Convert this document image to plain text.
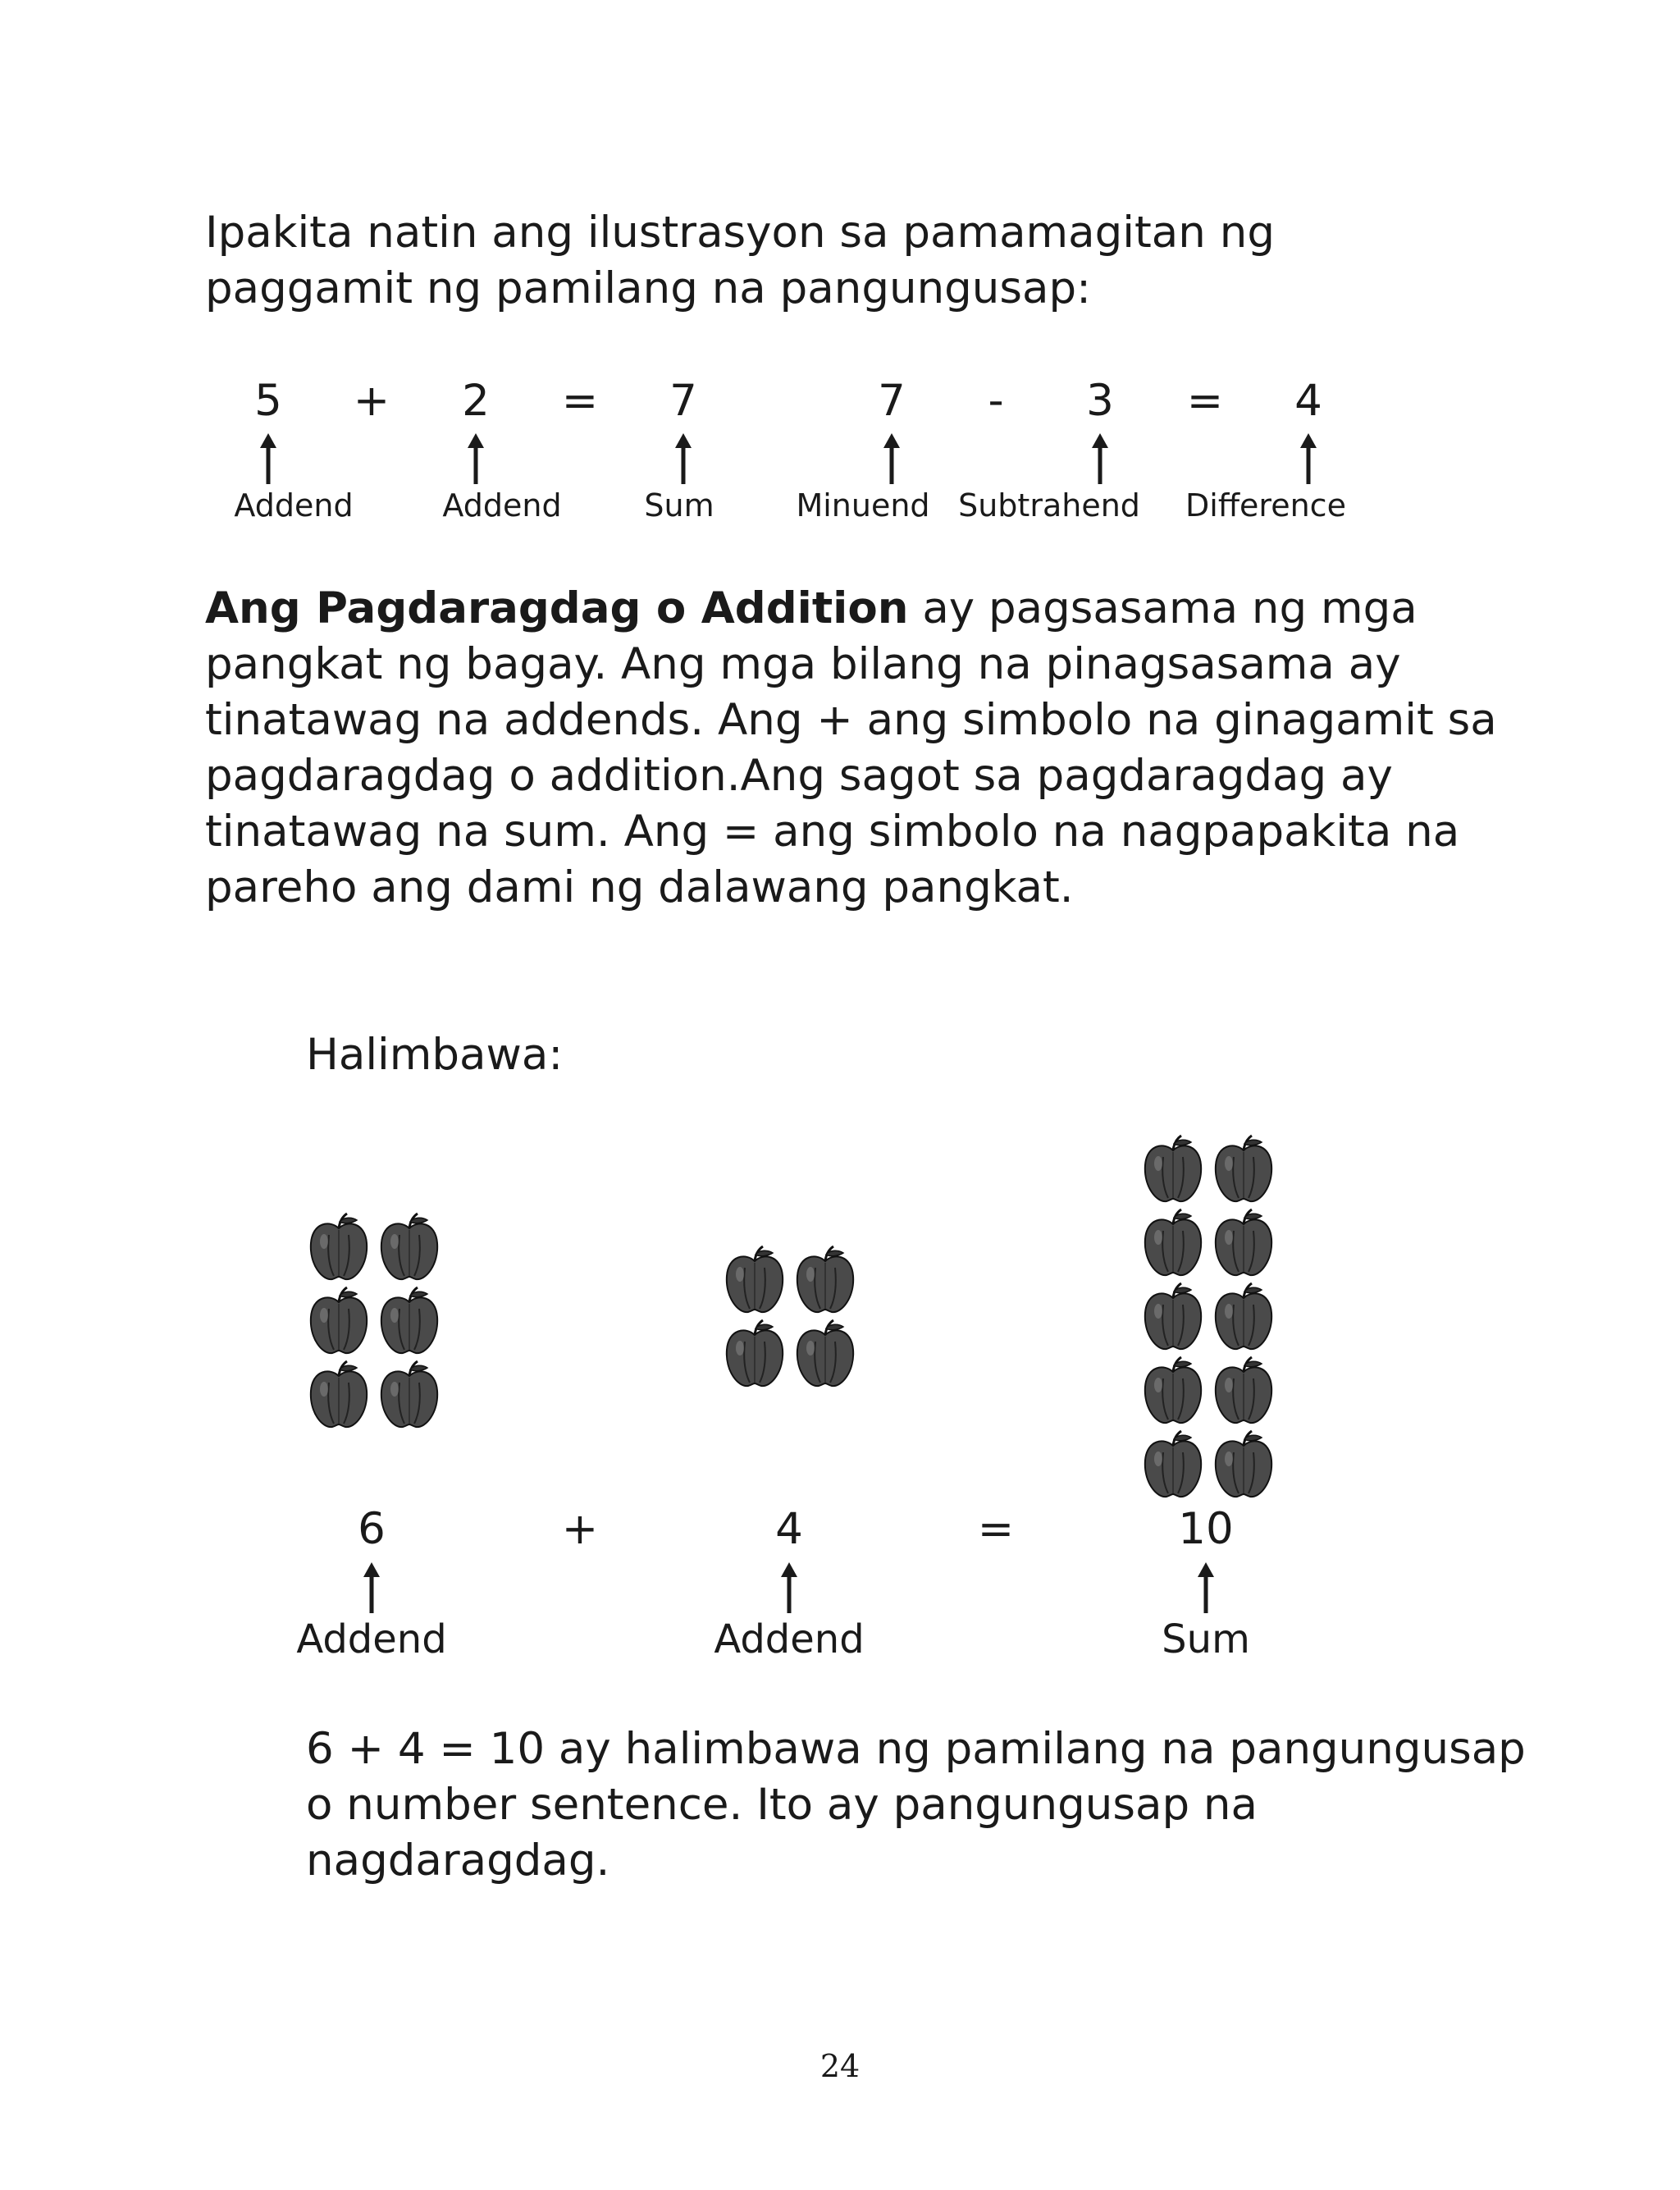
Ipakita natin ang ilustrasyon sa pamamagitan ng paggamit ng pamilang na pangungusap:

5 + 2 = 7	7 - 3 = 4
Addend	Addend	Sum	Minuend Subtrahend Difference

Ang Pagdaragdag o Addition ay pagsasama ng mga pangkat ng bagay. Ang mga bilang na pinagsasama ay tinatawag na addends. Ang + ang simbolo na ginagamit sa pagdaragdag o addition.Ang sagot sa pagdaragdag ay tinatawag na sum. Ang = ang simbolo na nagpapakita na pareho ang dami ng dalawang pangkat.

Halimbawa:
6	+	4	=	10
Addend	Addend	Sum

6 + 4 = 10 ay halimbawa ng pamilang na pangungusap o number sentence. Ito ay pangungusap na nagdaragdag.

24
